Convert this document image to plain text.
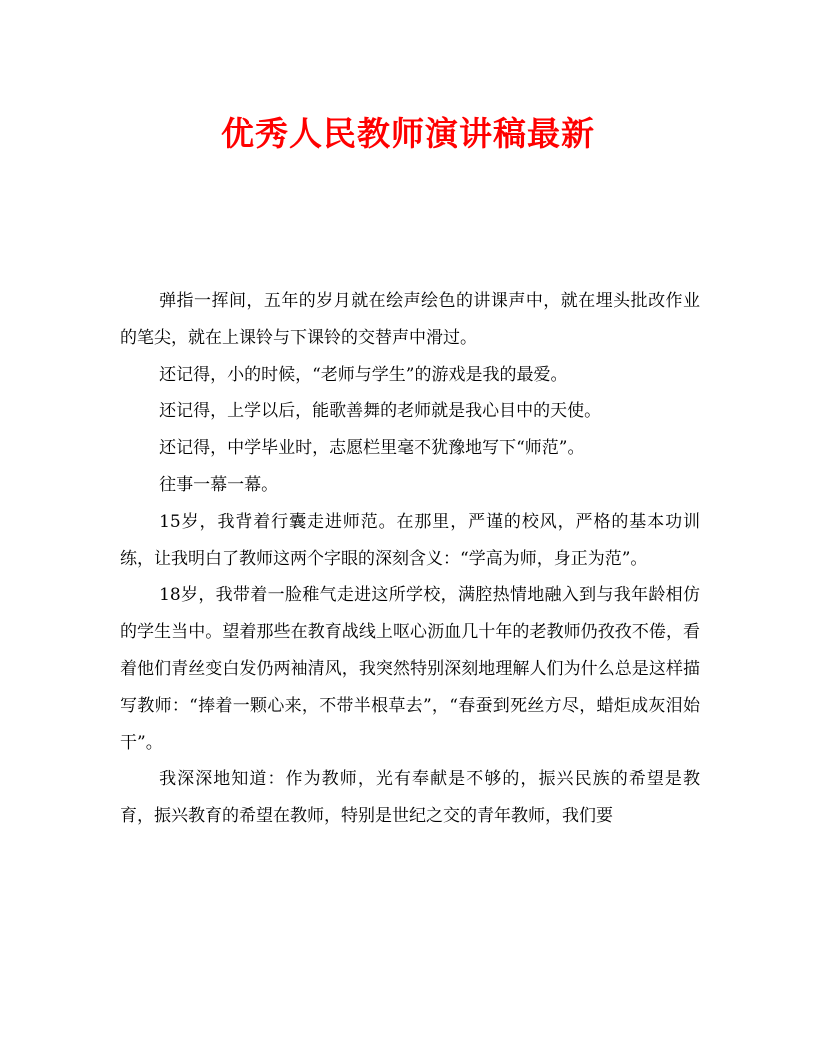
优秀人民教师演讲稿最新

弹指一挥间，五年的岁月就在绘声绘色的讲课声中，就在埋头批改作业的笔尖，就在上课铃与下课铃的交替声中滑过。

还记得，小的时候，“老师与学生”的游戏是我的最爱。

还记得，上学以后，能歌善舞的老师就是我心目中的天使。

还记得，中学毕业时，志愿栏里毫不犹豫地写下“师范”。

往事一幕一幕。

15岁，我背着行囊走进师范。在那里，严谨的校风，严格的基本功训练，让我明白了教师这两个字眼的深刻含义：“学高为师，身正为范”。

18岁，我带着一脸稚气走进这所学校，满腔热情地融入到与我年龄相仿的学生当中。望着那些在教育战线上呕心沥血几十年的老教师仍孜孜不倦，看着他们青丝变白发仍两袖清风，我突然特别深刻地理解人们为什么总是这样描写教师：“捧着一颗心来，不带半根草去”，“春蚕到死丝方尽，蜡炬成灰泪始干”。

我深深地知道：作为教师，光有奉献是不够的，振兴民族的希望是教育，振兴教育的希望在教师，特别是世纪之交的青年教师，我们要
